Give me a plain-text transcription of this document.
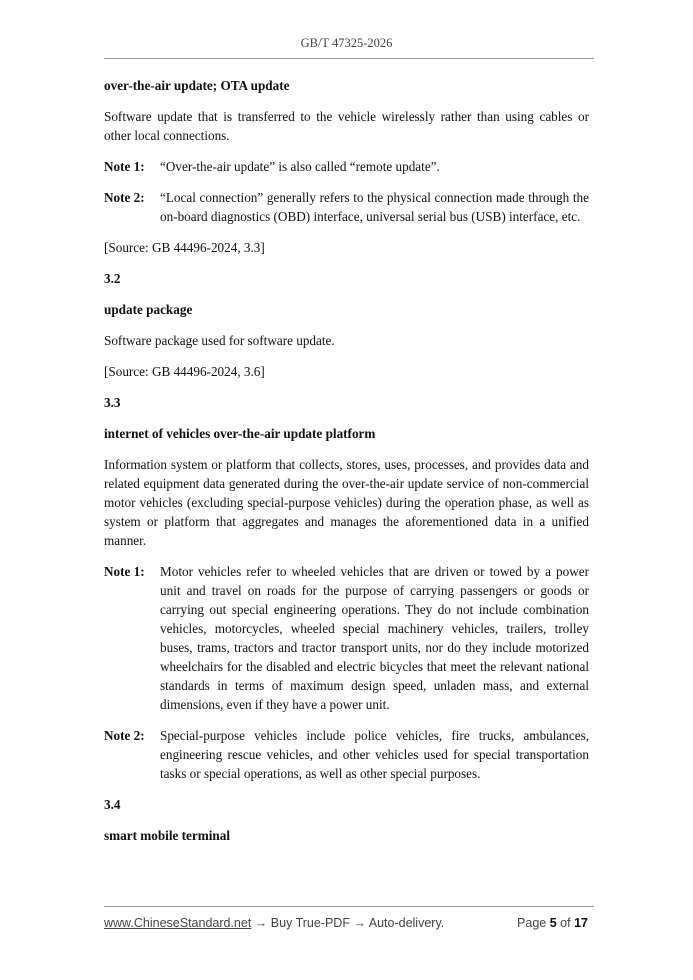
GB/T 47325-2026
over-the-air update; OTA update
Software update that is transferred to the vehicle wirelessly rather than using cables or other local connections.
Note 1:	“Over-the-air update” is also called “remote update”.
Note 2:	“Local connection” generally refers to the physical connection made through the on-board diagnostics (OBD) interface, universal serial bus (USB) interface, etc.
[Source: GB 44496-2024, 3.3]
3.2
update package
Software package used for software update.
[Source: GB 44496-2024, 3.6]
3.3
internet of vehicles over-the-air update platform
Information system or platform that collects, stores, uses, processes, and provides data and related equipment data generated during the over-the-air update service of non-commercial motor vehicles (excluding special-purpose vehicles) during the operation phase, as well as system or platform that aggregates and manages the aforementioned data in a unified manner.
Note 1:	Motor vehicles refer to wheeled vehicles that are driven or towed by a power unit and travel on roads for the purpose of carrying passengers or goods or carrying out special engineering operations. They do not include combination vehicles, motorcycles, wheeled special machinery vehicles, trailers, trolley buses, trams, tractors and tractor transport units, nor do they include motorized wheelchairs for the disabled and electric bicycles that meet the relevant national standards in terms of maximum design speed, unladen mass, and external dimensions, even if they have a power unit.
Note 2:	Special-purpose vehicles include police vehicles, fire trucks, ambulances, engineering rescue vehicles, and other vehicles used for special transportation tasks or special operations, as well as other special purposes.
3.4
smart mobile terminal
www.ChineseStandard.net → Buy True-PDF → Auto-delivery.	Page 5 of 17
